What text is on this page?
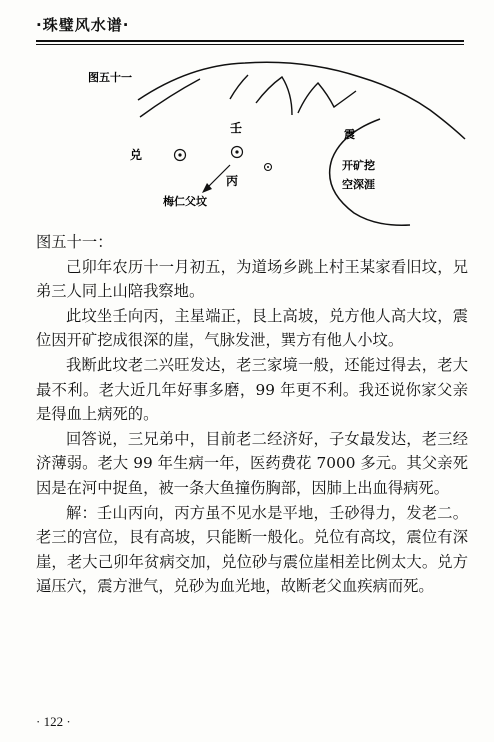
·珠璧风水谱·
图五十一
兑
壬
丙
梅仁父坟
震
开矿挖
空深涯

图五十一：

己卯年农历十一月初五，为道场乡跳上村王某家看旧坟，兄弟三人同上山陪我察地。

此坟坐壬向丙，主星端正，艮上高坡，兑方他人高大坟，震位因开矿挖成很深的崖，气脉发泄，巽方有他人小坟。

我断此坟老二兴旺发达，老三家境一般，还能过得去，老大最不利。老大近几年好事多磨，99 年更不利。我还说你家父亲是得血上病死的。

回答说，三兄弟中，目前老二经济好，子女最发达，老三经济薄弱。老大 99 年生病一年，医药费花 7000 多元。其父亲死因是在河中捉鱼，被一条大鱼撞伤胸部，因肺上出血得病死。

解：壬山丙向，丙方虽不见水是平地，壬砂得力，发老二。老三的宫位，艮有高坡，只能断一般化。兑位有高坟，震位有深崖，老大己卯年贫病交加，兑位砂与震位崖相差比例太大。兑方逼压穴，震方泄气，兑砂为血光地，故断老父血疾病而死。

· 122 ·
